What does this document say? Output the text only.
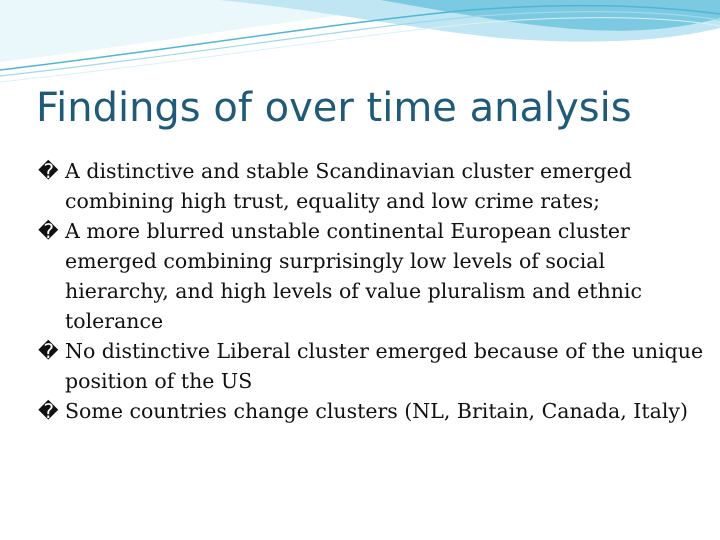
Findings of over time analysis
� A distinctive and stable Scandinavian cluster emerged combining high trust, equality and low crime rates;
� A more blurred unstable continental European cluster emerged combining surprisingly low levels of social hierarchy, and high levels of value pluralism and ethnic tolerance
� No distinctive Liberal cluster emerged because of the unique position of the US
� Some countries change clusters (NL, Britain, Canada, Italy)
